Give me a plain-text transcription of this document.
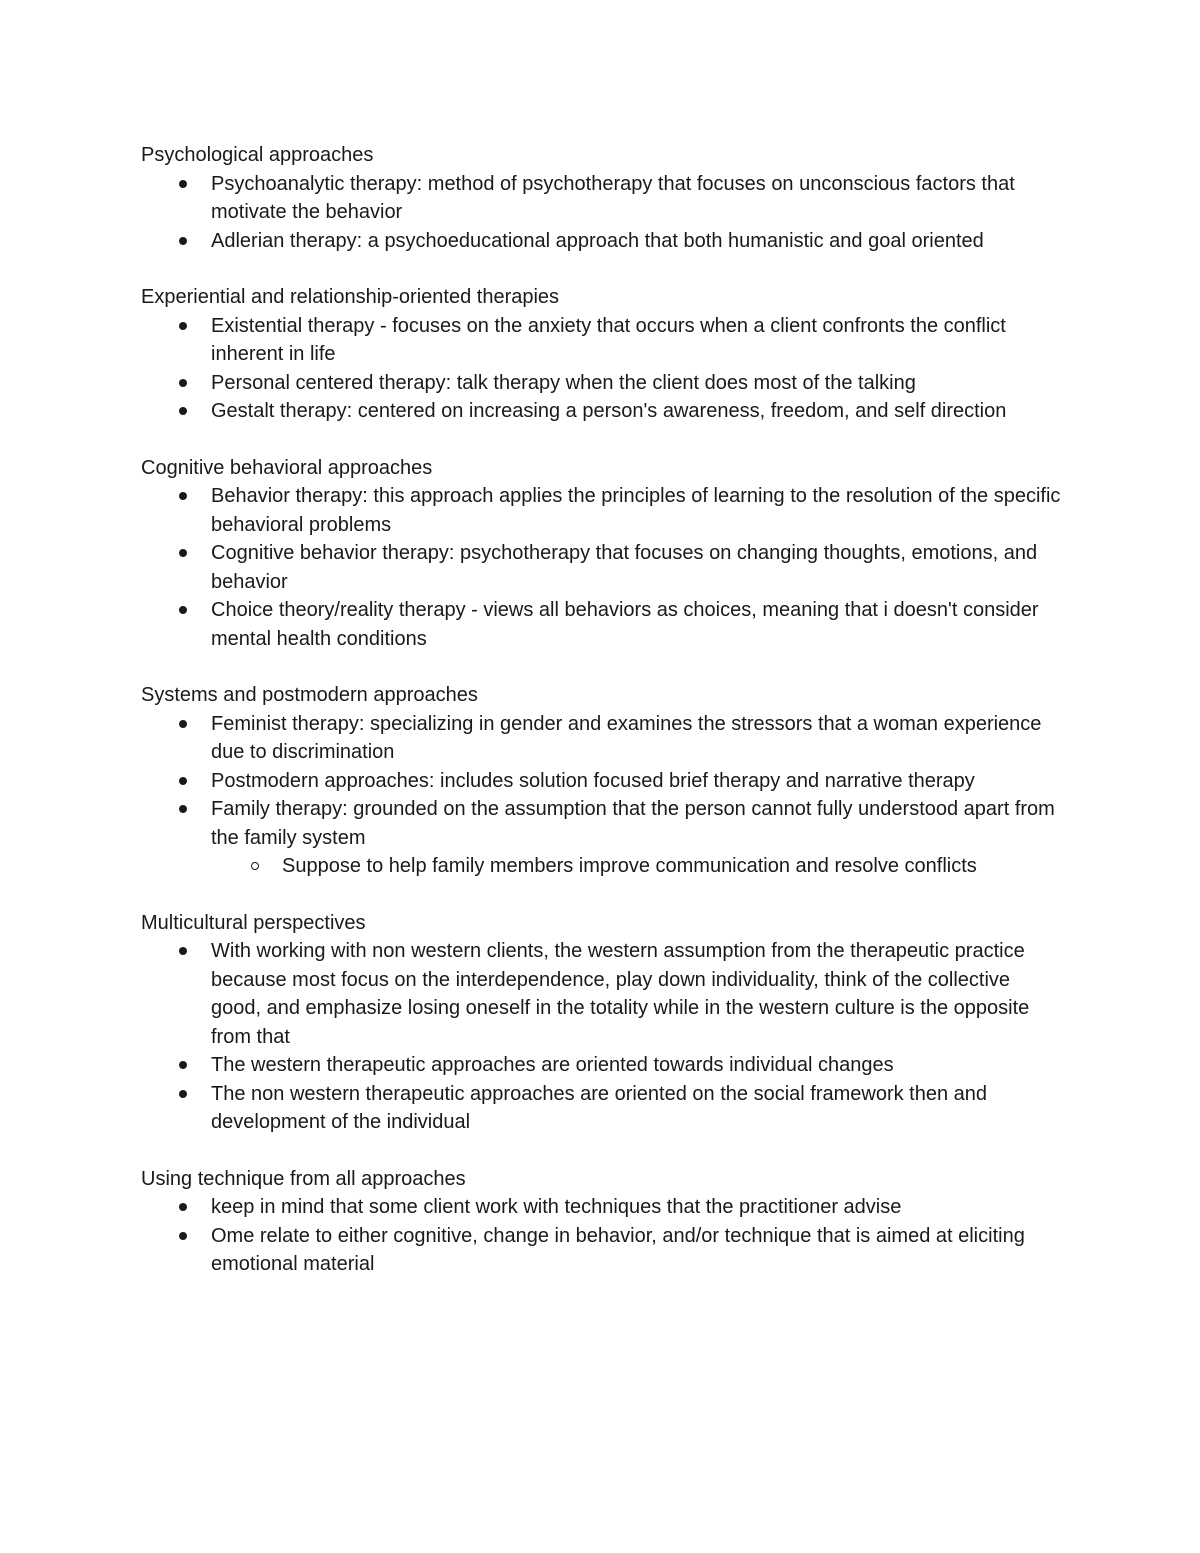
Psychological approaches

Psychoanalytic therapy: method of psychotherapy that focuses on unconscious factors that motivate the behavior
Adlerian therapy: a psychoeducational approach that both humanistic and goal oriented

Experiential and relationship-oriented therapies

Existential therapy - focuses on the anxiety that occurs when a client confronts the conflict inherent in life
Personal centered therapy: talk therapy when the client does most of the talking
Gestalt therapy: centered on increasing a person's awareness, freedom, and self direction

Cognitive behavioral approaches

Behavior therapy: this approach applies the principles of learning to the resolution of the specific behavioral problems
Cognitive behavior therapy: psychotherapy that focuses on changing thoughts, emotions, and behavior
Choice theory/reality therapy - views all behaviors as choices, meaning that i doesn't consider mental health conditions

Systems and postmodern approaches

Feminist therapy: specializing in gender and examines the stressors that a woman experience due to discrimination
Postmodern approaches: includes solution focused brief therapy and narrative therapy
Family therapy: grounded on the assumption that the person cannot fully understood apart from the family system
Suppose to help family members improve communication and resolve conflicts

Multicultural perspectives

With working with non western clients, the western assumption from the therapeutic practice because most focus on the interdependence, play down individuality, think of the collective good, and emphasize losing oneself in the totality while in the western culture is the opposite from that
The western therapeutic approaches are oriented towards individual changes
The non western therapeutic approaches are oriented on the social framework then and development of the individual

Using technique from all approaches

keep in mind that some client work with techniques that the practitioner advise
Ome relate to either cognitive, change in behavior, and/or technique that is aimed at eliciting emotional material
